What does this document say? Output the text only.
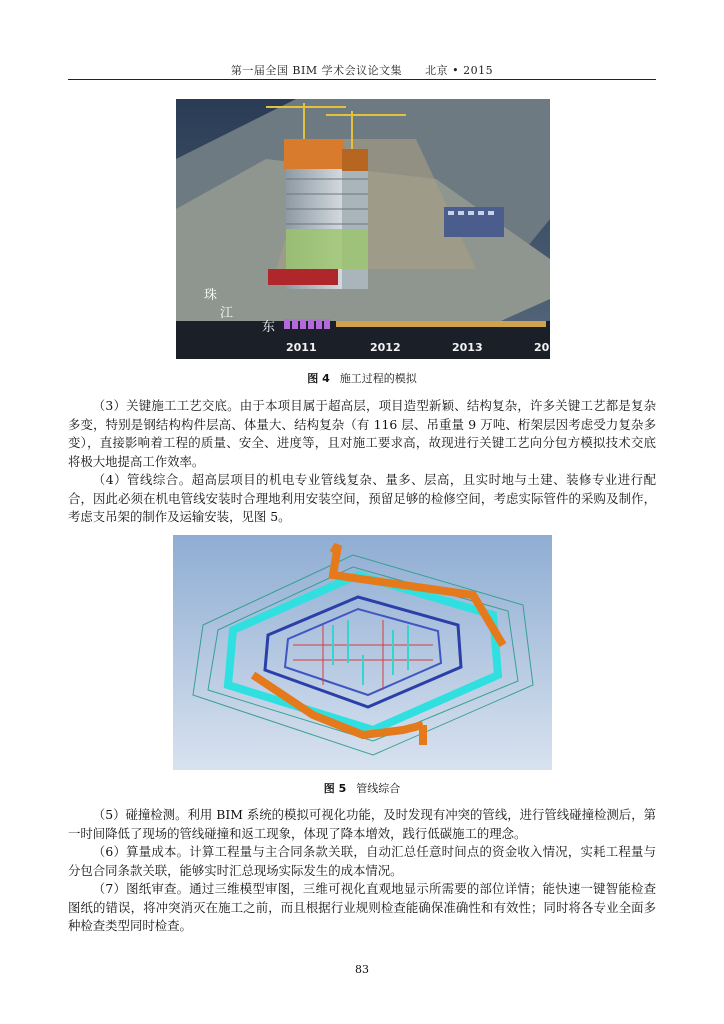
第一届全国 BIM 学术会议论文集　　北京 • 2015
2011	2012	2013	20
珠
江
东
图 4 施工过程的模拟

（3）关键施工工艺交底。由于本项目属于超高层，项目造型新颖、结构复杂，许多关键工艺都是复杂多变，特别是钢结构构件层高、体量大、结构复杂（有 116 层、吊重量 9 万吨、桁架层因考虑受力复杂多变），直接影响着工程的质量、安全、进度等，且对施工要求高，故现进行关键工艺向分包方模拟技术交底将极大地提高工作效率。

（4）管线综合。超高层项目的机电专业管线复杂、量多、层高，且实时地与土建、装修专业进行配合，因此必须在机电管线安装时合理地利用安装空间，预留足够的检修空间，考虑实际管件的采购及制作，考虑支吊架的制作及运输安装，见图 5。

图 5 管线综合

（5）碰撞检测。利用 BIM 系统的模拟可视化功能，及时发现有冲突的管线，进行管线碰撞检测后，第一时间降低了现场的管线碰撞和返工现象，体现了降本增效，践行低碳施工的理念。

（6）算量成本。计算工程量与主合同条款关联，自动汇总任意时间点的资金收入情况，实耗工程量与分包合同条款关联，能够实时汇总现场实际发生的成本情况。

（7）图纸审查。通过三维模型审图，三维可视化直观地显示所需要的部位详情；能快速一键智能检查图纸的错误，将冲突消灭在施工之前，而且根据行业规则检查能确保准确性和有效性；同时将各专业全面多种检查类型同时检查。

83
